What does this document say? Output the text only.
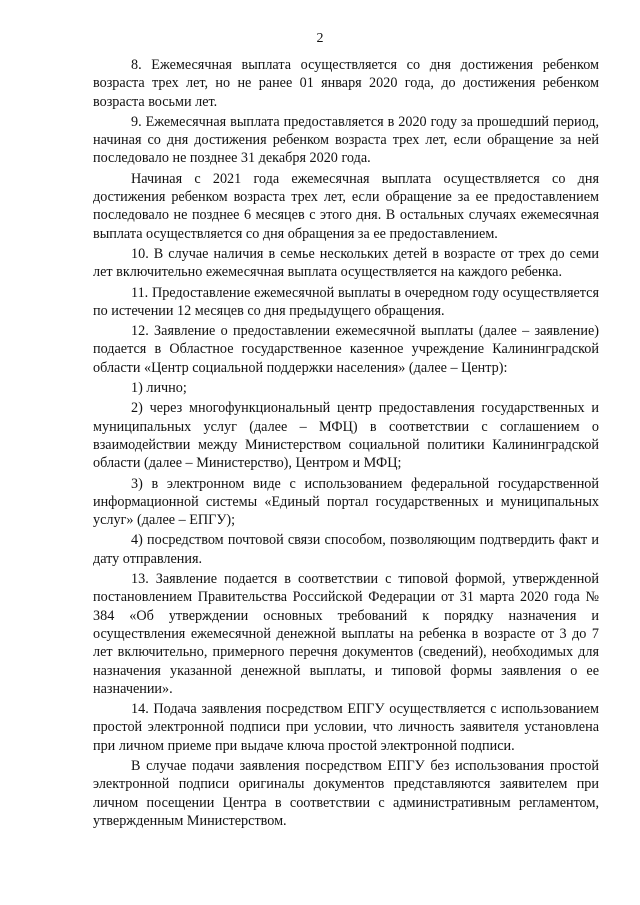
2

8. Ежемесячная выплата осуществляется со дня достижения ребенком возраста трех лет, но не ранее 01 января 2020 года, до достижения ребенком возраста восьми лет.

9. Ежемесячная выплата предоставляется в 2020 году за прошедший период, начиная со дня достижения ребенком возраста трех лет, если обращение за ней последовало не позднее 31 декабря 2020 года.

Начиная с 2021 года ежемесячная выплата осуществляется со дня достижения ребенком возраста трех лет, если обращение за ее предоставлением последовало не позднее 6 месяцев с этого дня. В остальных случаях ежемесячная выплата осуществляется со дня обращения за ее предоставлением.

10. В случае наличия в семье нескольких детей в возрасте от трех до семи лет включительно ежемесячная выплата осуществляется на каждого ребенка.

11. Предоставление ежемесячной выплаты в очередном году осуществляется по истечении 12 месяцев со дня предыдущего обращения.

12. Заявление о предоставлении ежемесячной выплаты (далее – заявление) подается в Областное государственное казенное учреждение Калининградской области «Центр социальной поддержки населения» (далее – Центр):

1) лично;

2) через многофункциональный центр предоставления государственных и муниципальных услуг (далее – МФЦ) в соответствии с соглашением о взаимодействии между Министерством социальной политики Калининградской области (далее – Министерство), Центром и МФЦ;

3) в электронном виде с использованием федеральной государственной информационной системы «Единый портал государственных и муниципальных услуг» (далее – ЕПГУ);

4) посредством почтовой связи способом, позволяющим подтвердить факт и дату отправления.

13. Заявление подается в соответствии с типовой формой, утвержденной постановлением Правительства Российской Федерации от 31 марта 2020 года № 384 «Об утверждении основных требований к порядку назначения и осуществления ежемесячной денежной выплаты на ребенка в возрасте от 3 до 7 лет включительно, примерного перечня документов (сведений), необходимых для назначения указанной денежной выплаты, и типовой формы заявления о ее назначении».

14. Подача заявления посредством ЕПГУ осуществляется с использованием простой электронной подписи при условии, что личность заявителя установлена при личном приеме при выдаче ключа простой электронной подписи.

В случае подачи заявления посредством ЕПГУ без использования простой электронной подписи оригиналы документов представляются заявителем при личном посещении Центра в соответствии с административным регламентом, утвержденным Министерством.
